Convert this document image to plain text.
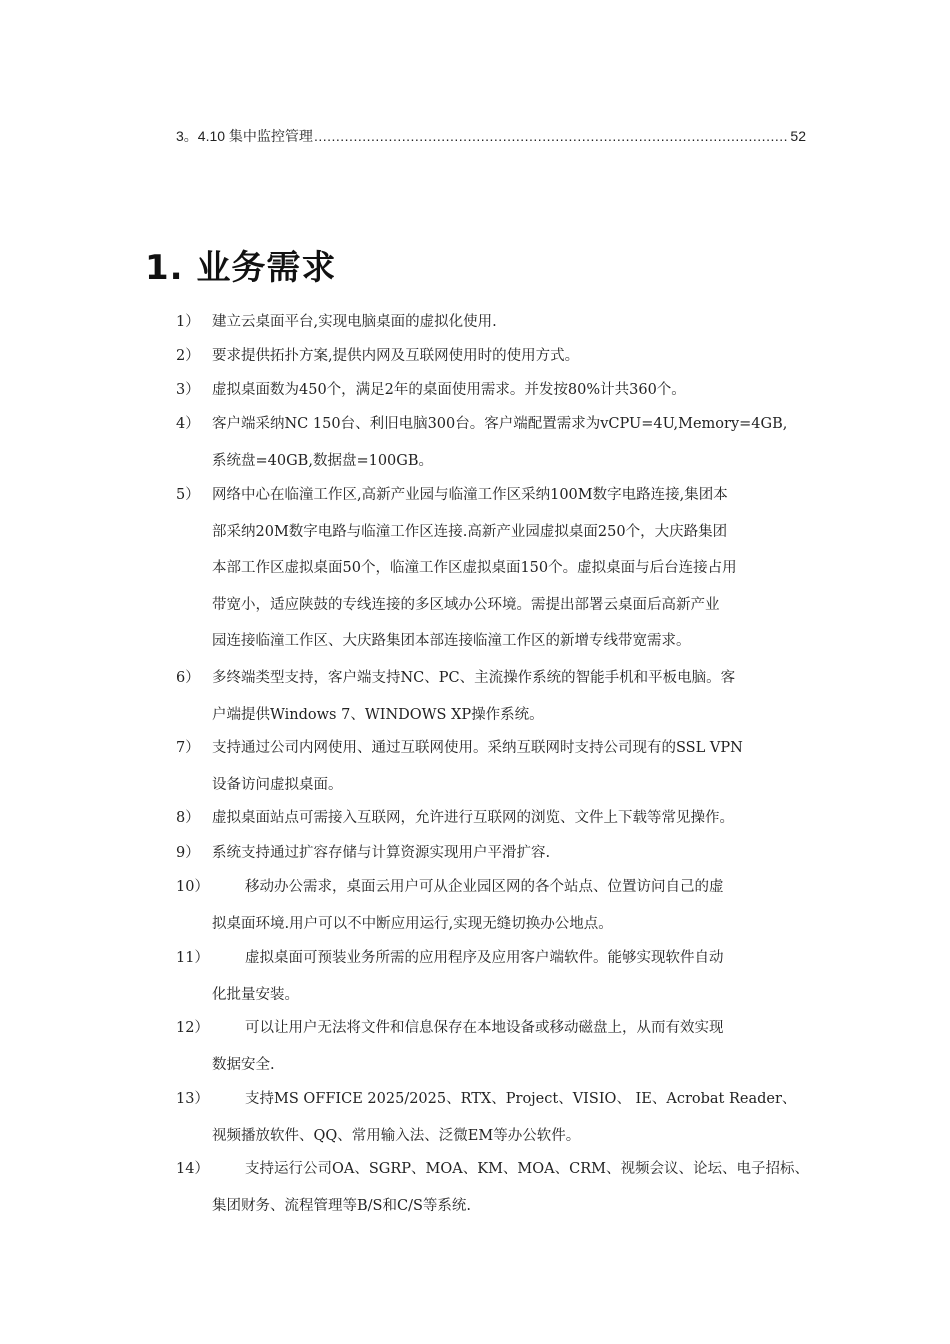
3。4.10 集中监控管理
.....	52
1. 业务需求
1） 建立云桌面平台,实现电脑桌面的虚拟化使用.
2） 要求提供拓扑方案,提供内网及互联网使用时的使用方式。
3） 虚拟桌面数为450个，满足2年的桌面使用需求。并发按80%计共360个。
4） 客户端采纳NC 150台、利旧电脑300台。客户端配置需求为vCPU=4U,Memory=4GB,
系统盘=40GB,数据盘=100GB。
5） 网络中心在临潼工作区,高新产业园与临潼工作区采纳100M数字电路连接,集团本
部采纳20M数字电路与临潼工作区连接.高新产业园虚拟桌面250个，大庆路集团
本部工作区虚拟桌面50个，临潼工作区虚拟桌面150个。虚拟桌面与后台连接占用
带宽小，适应陕鼓的专线连接的多区域办公环境。需提出部署云桌面后高新产业
园连接临潼工作区、大庆路集团本部连接临潼工作区的新增专线带宽需求。
6） 多终端类型支持，客户端支持NC、PC、主流操作系统的智能手机和平板电脑。客
户端提供Windows 7、WINDOWS XP操作系统。
7） 支持通过公司内网使用、通过互联网使用。采纳互联网时支持公司现有的SSL VPN
设备访问虚拟桌面。
8） 虚拟桌面站点可需接入互联网，允许进行互联网的浏览、文件上下载等常见操作。
9） 系统支持通过扩容存储与计算资源实现用户平滑扩容.
10）	移动办公需求，桌面云用户可从企业园区网的各个站点、位置访问自己的虚
拟桌面环境.用户可以不中断应用运行,实现无缝切换办公地点。
11）	虚拟桌面可预装业务所需的应用程序及应用客户端软件。能够实现软件自动
化批量安装。
12）	可以让用户无法将文件和信息保存在本地设备或移动磁盘上，从而有效实现
数据安全.
13）	支持MS OFFICE 2025/2025、RTX、Project、VISIO、 IE、Acrobat Reader、
视频播放软件、QQ、常用输入法、泛微EM等办公软件。
14）	支持运行公司OA、SGRP、MOA、KM、MOA、CRM、视频会议、论坛、电子招标、
集团财务、流程管理等B/S和C/S等系统.
